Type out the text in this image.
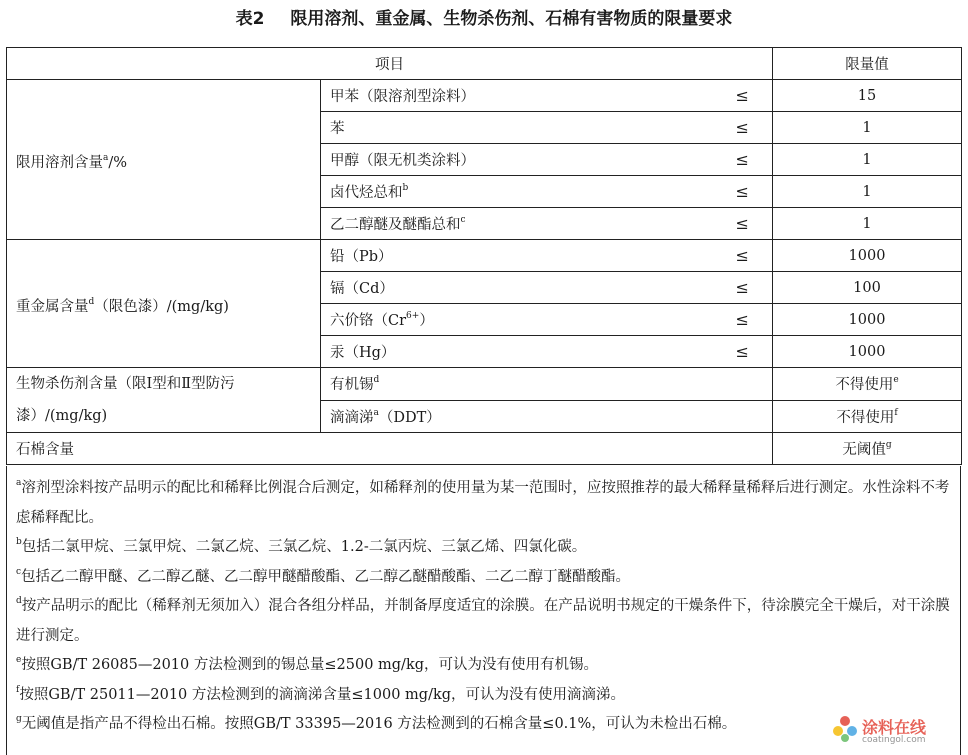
表2 限用溶剂、重金属、生物杀伤剂、石棉有害物质的限量要求
项目			限量值
限用溶剂含量$^a$/%	甲苯（限溶剂型涂料）	≤	15
	苯	≤	1
	甲醇（限无机类涂料）	≤	1
	卤代烃总和$^b$	≤	1
	乙二醇醚及醚酯总和$^c$	≤	1
重金属含量$^d$（限色漆）/(mg/kg)	铅（Pb）	≤	1000
	镉（Cd）	≤	100
	六价铬$(Cr^{6+})$	≤	1000
	汞（Hg）	≤	1000
生物杀伤剂含量（限Ⅰ型和Ⅱ型防污漆）/(mg/kg)	有机锡$^d$		不得使用$^e$
	滴滴涕$^a$（DDT）		不得使用$^f$
石棉含量			无阈值$^g$

$^a$溶剂型涂料按产品明示的配比和稀释比例混合后测定，如稀释剂的使用量为某一范围时，应按照推荐的最大稀释量稀释后进行测定。水性涂料不考虑稀释配比。

$^b$包括二氯甲烷、三氯甲烷、二氯乙烷、三氯乙烷、1.2-二氯丙烷、三氯乙烯、四氯化碳。

$^c$包括乙二醇甲醚、乙二醇乙醚、乙二醇甲醚醋酸酯、乙二醇乙醚醋酸酯、二乙二醇丁醚醋酸酯。

$^d$按产品明示的配比（稀释剂无须加入）混合各组分样品，并制备厚度适宜的涂膜。在产品说明书规定的干燥条件下，待涂膜完全干燥后，对干涂膜进行测定。

$^e$按照GB/T 26085—2010 方法检测到的锡总量≤2500 mg/kg，可认为没有使用有机锡。

$^f$按照GB/T 25011—2010 方法检测到的滴滴涕含量≤1000 mg/kg，可认为没有使用滴滴涕。

$^g$无阈值是指产品不得检出石棉。按照GB/T 33395—2016 方法检测到的石棉含量≤0.1%，可认为未检出石棉。	涂料在线
coatingol.com
